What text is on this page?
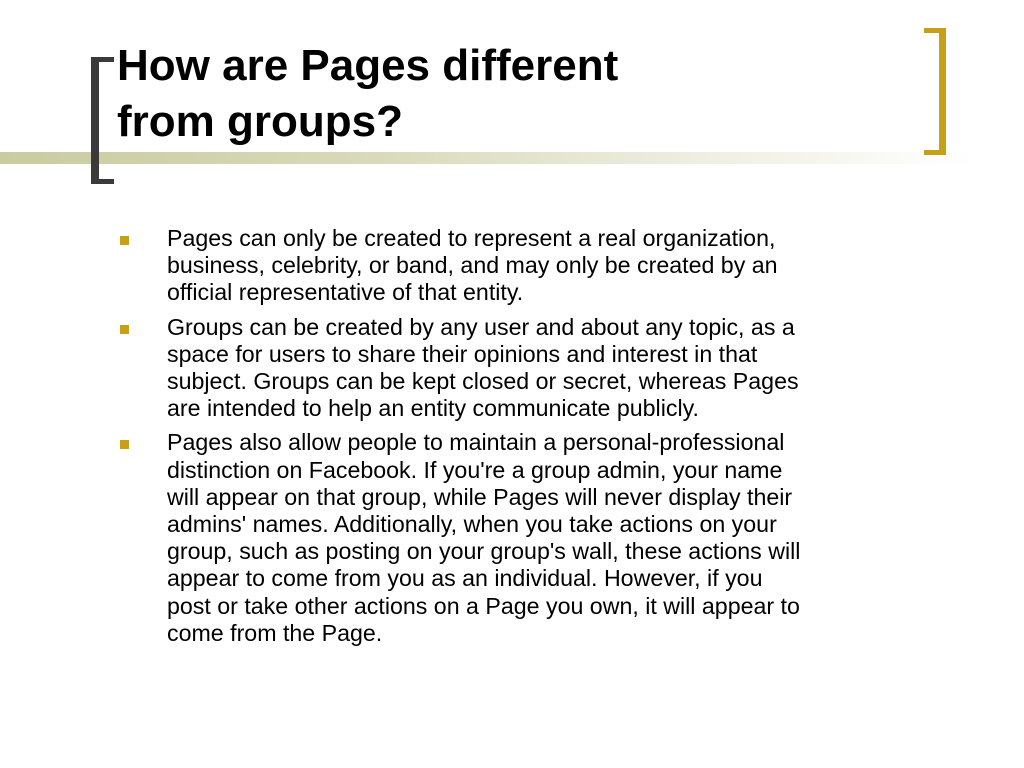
How are Pages different
from groups?
Pages can only be created to represent a real organization,
business, celebrity, or band, and may only be created by an
official representative of that entity.
Groups can be created by any user and about any topic, as a
space for users to share their opinions and interest in that
subject. Groups can be kept closed or secret, whereas Pages
are intended to help an entity communicate publicly.
Pages also allow people to maintain a personal-professional
distinction on Facebook. If you're a group admin, your name
will appear on that group, while Pages will never display their
admins' names. Additionally, when you take actions on your
group, such as posting on your group's wall, these actions will
appear to come from you as an individual. However, if you
post or take other actions on a Page you own, it will appear to
come from the Page.
